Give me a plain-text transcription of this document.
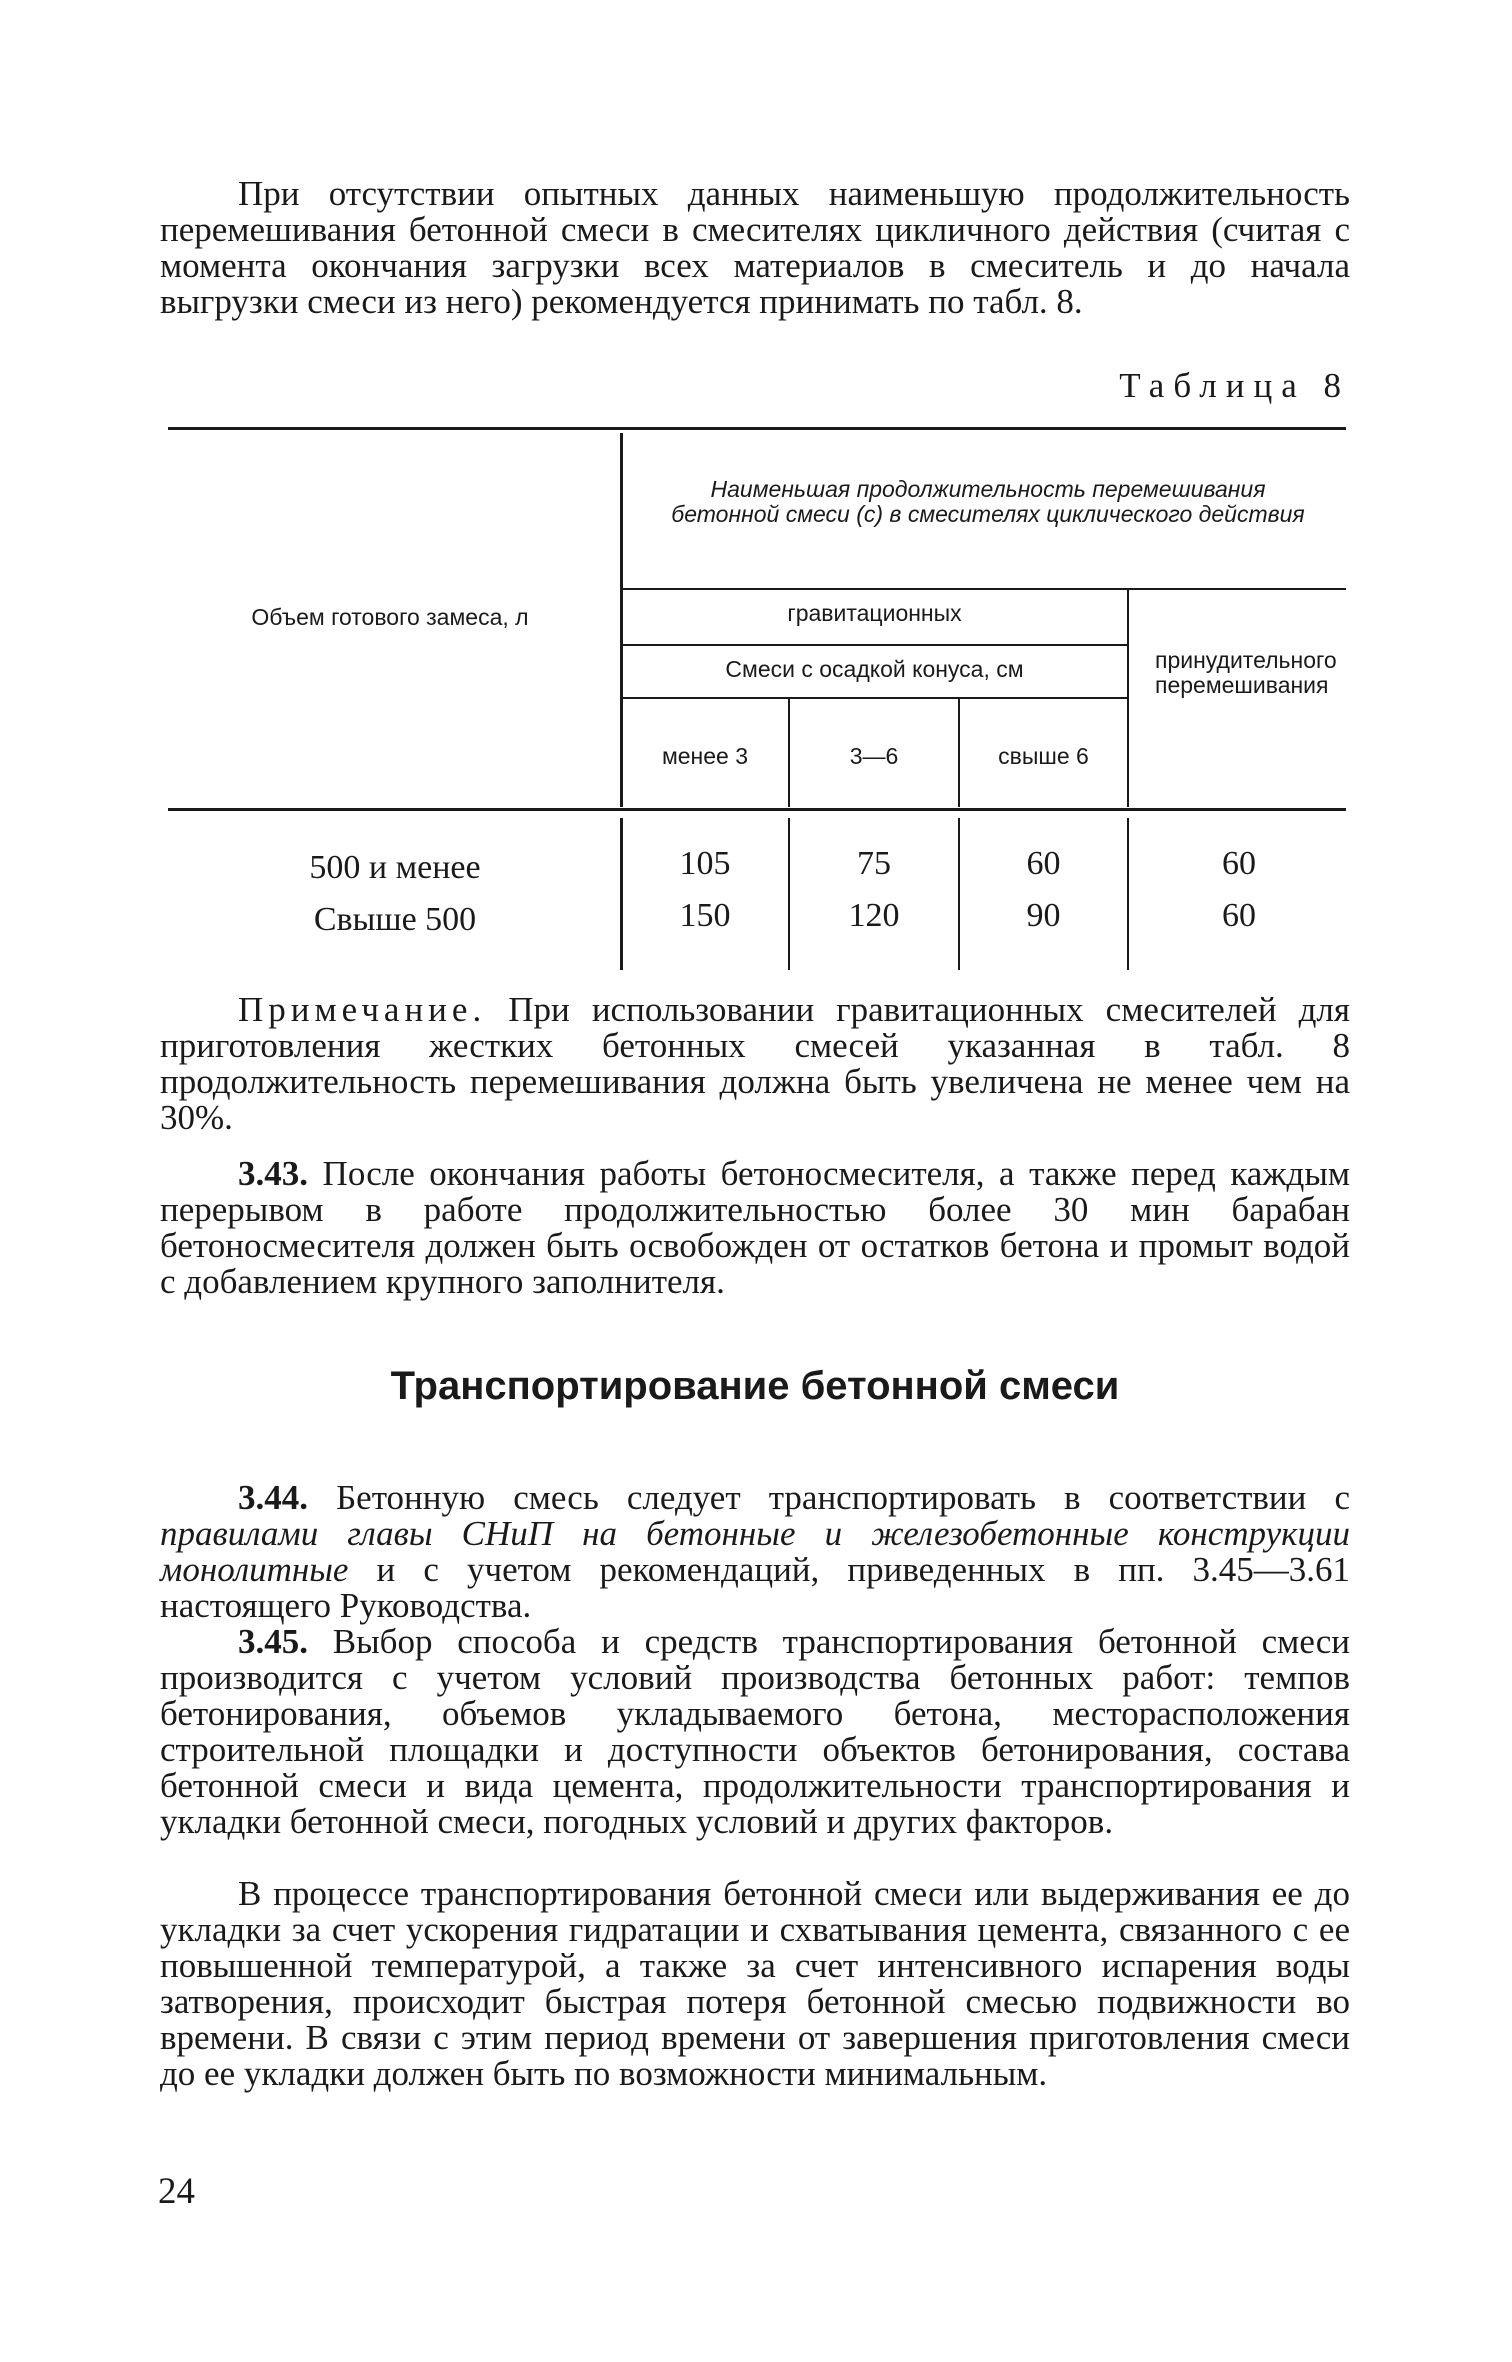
При отсутствии опытных данных наименьшую продолжительность перемешивания бетонной смеси в смесителях цикличного действия (считая с момента окончания загрузки всех материалов в смеситель и до начала выгрузки смеси из него) рекомендуется принимать по табл. 8.

Таблица 8
Объем готового замеса, л
Наименьшая продолжительность перемешивания бетонной смеси (с) в смесителях циклического действия
гравитационных
Смеси с осадкой конуса, см
менее 3	3—6	свыше 6
принудительного перемешивания
500 и менее	105	75	60	60
Свыше 500	150	120	90	60

Примечание. При использовании гравитационных смесителей для приготовления жестких бетонных смесей указанная в табл. 8 продолжительность перемешивания должна быть увеличена не менее чем на 30%.

3.43. После окончания работы бетоносмесителя, а также перед каждым перерывом в работе продолжительностью более 30 мин барабан бетоносмесителя должен быть освобожден от остатков бетона и промыт водой с добавлением крупного заполнителя.

Транспортирование бетонной смеси

3.44. Бетонную смесь следует транспортировать в соответствии с правилами главы СНиП на бетонные и железобетонные конструкции монолитные и с учетом рекомендаций, приведенных в пп. 3.45—3.61 настоящего Руководства.

3.45. Выбор способа и средств транспортирования бетонной смеси производится с учетом условий производства бетонных работ: темпов бетонирования, объемов укладываемого бетона, месторасположения строительной площадки и доступности объектов бетонирования, состава бетонной смеси и вида цемента, продолжительности транспортирования и укладки бетонной смеси, погодных условий и других факторов.

В процессе транспортирования бетонной смеси или выдерживания ее до укладки за счет ускорения гидратации и схватывания цемента, связанного с ее повышенной температурой, а также за счет интенсивного испарения воды затворения, происходит быстрая потеря бетонной смесью подвижности во времени. В связи с этим период времени от завершения приготовления смеси до ее укладки должен быть по возможности минимальным.

24
